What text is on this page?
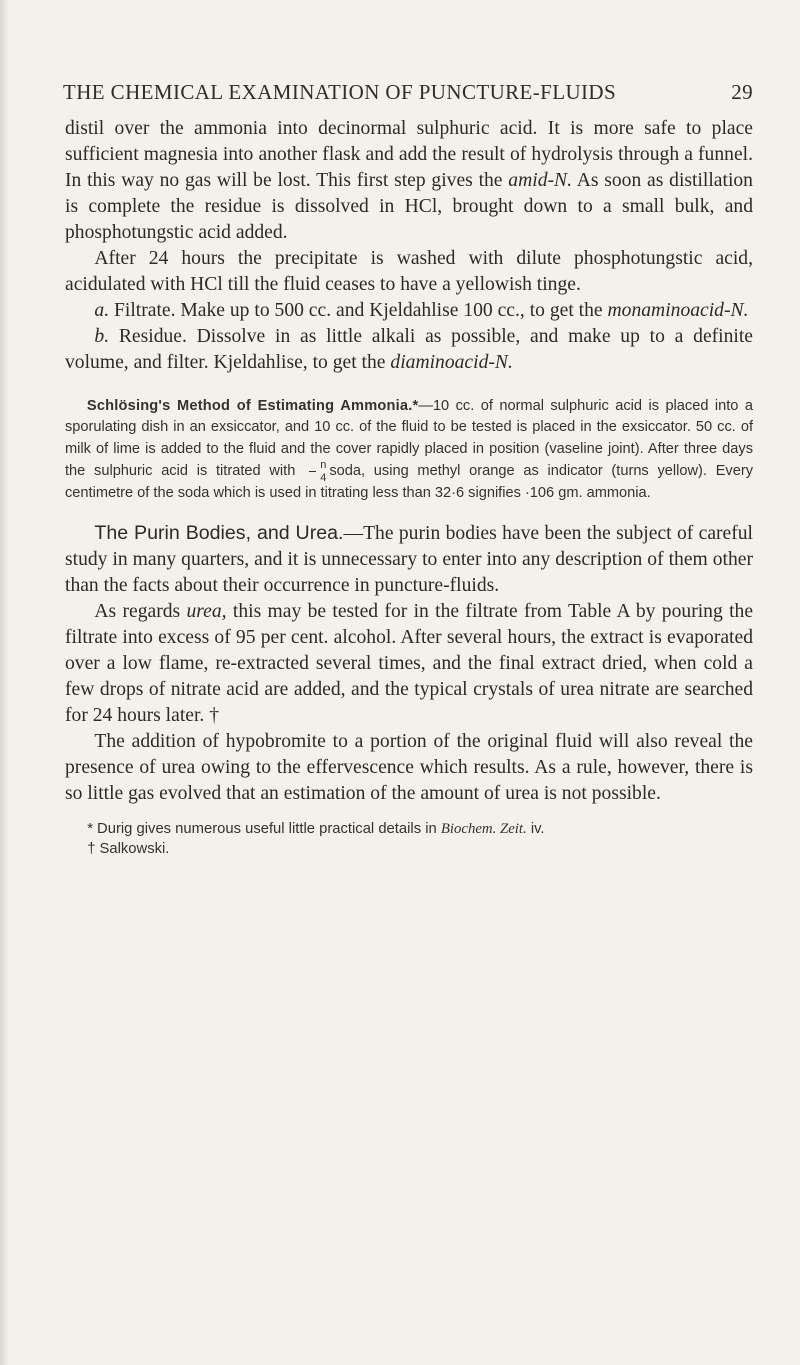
THE CHEMICAL EXAMINATION OF PUNCTURE-FLUIDS	29

distil over the ammonia into decinormal sulphuric acid. It is more safe to place sufficient magnesia into another flask and add the result of hydrolysis through a funnel. In this way no gas will be lost. This first step gives the amid-N. As soon as distillation is complete the residue is dissolved in HCl, brought down to a small bulk, and phosphotungstic acid added.

After 24 hours the precipitate is washed with dilute phosphotungstic acid, acidulated with HCl till the fluid ceases to have a yellowish tinge.

a. Filtrate. Make up to 500 cc. and Kjeldahlise 100 cc., to get the monaminoacid-N.

b. Residue. Dissolve in as little alkali as possible, and make up to a definite volume, and filter. Kjeldahlise, to get the diaminoacid-N.

Schlösing's Method of Estimating Ammonia.*—10 cc. of normal sulphuric acid is placed into a sporulating dish in an exsiccator, and 10 cc. of the fluid to be tested is placed in the exsiccator. 50 cc. of milk of lime is added to the fluid and the cover rapidly placed in position (vaseline joint). After three days the sulphuric acid is titrated with $\frac{n}{4}$ soda, using methyl orange as indicator (turns yellow). Every centimetre of the soda which is used in titrating less than 32·6 signifies ·106 gm. ammonia.

The Purin Bodies, and Urea.—The purin bodies have been the subject of careful study in many quarters, and it is unnecessary to enter into any description of them other than the facts about their occurrence in puncture-fluids.

As regards urea, this may be tested for in the filtrate from Table A by pouring the filtrate into excess of 95 per cent. alcohol. After several hours, the extract is evaporated over a low flame, re-extracted several times, and the final extract dried, when cold a few drops of nitrate acid are added, and the typical crystals of urea nitrate are searched for 24 hours later. †

The addition of hypobromite to a portion of the original fluid will also reveal the presence of urea owing to the effervescence which results. As a rule, however, there is so little gas evolved that an estimation of the amount of urea is not possible.

* Durig gives numerous useful little practical details in Biochem. Zeit. iv.

† Salkowski.
